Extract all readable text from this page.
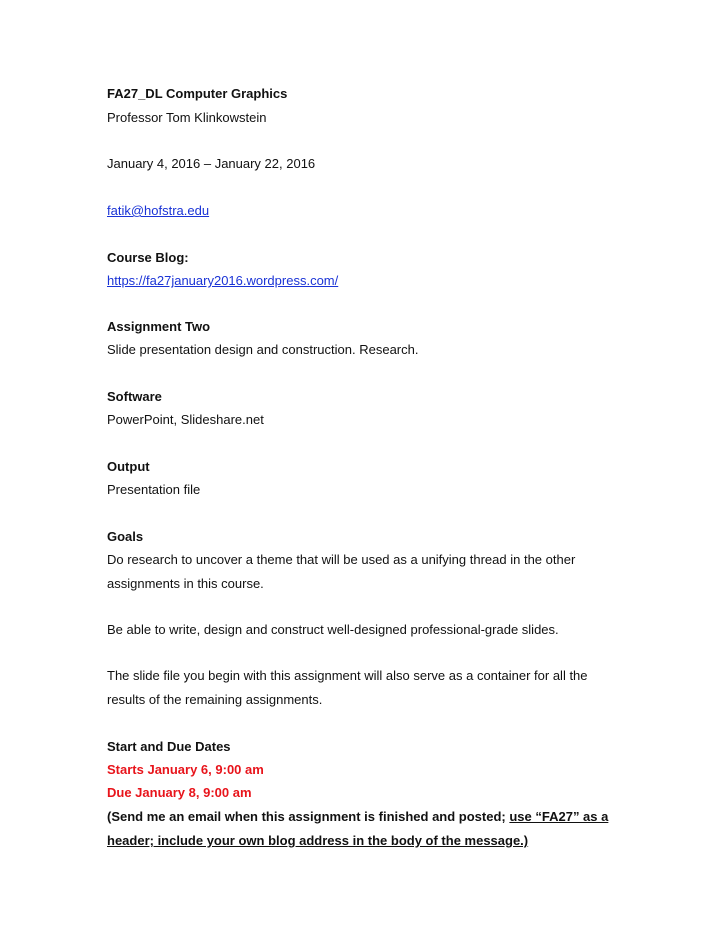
FA27_DL Computer Graphics
Professor Tom Klinkowstein
January 4, 2016 – January 22, 2016
fatik@hofstra.edu
Course Blog:
https://fa27january2016.wordpress.com/
Assignment Two
Slide presentation design and construction. Research.
Software
PowerPoint, Slideshare.net
Output
Presentation file
Goals
Do research to uncover a theme that will be used as a unifying thread in the other
assignments in this course.
Be able to write, design and construct well-designed professional-grade slides.
The slide file you begin with this assignment will also serve as a container for all the
results of the remaining assignments.
Start and Due Dates
Starts January 6, 9:00 am
Due January 8, 9:00 am
(Send me an email when this assignment is finished and posted; use “FA27” as a
header; include your own blog address in the body of the message.)
